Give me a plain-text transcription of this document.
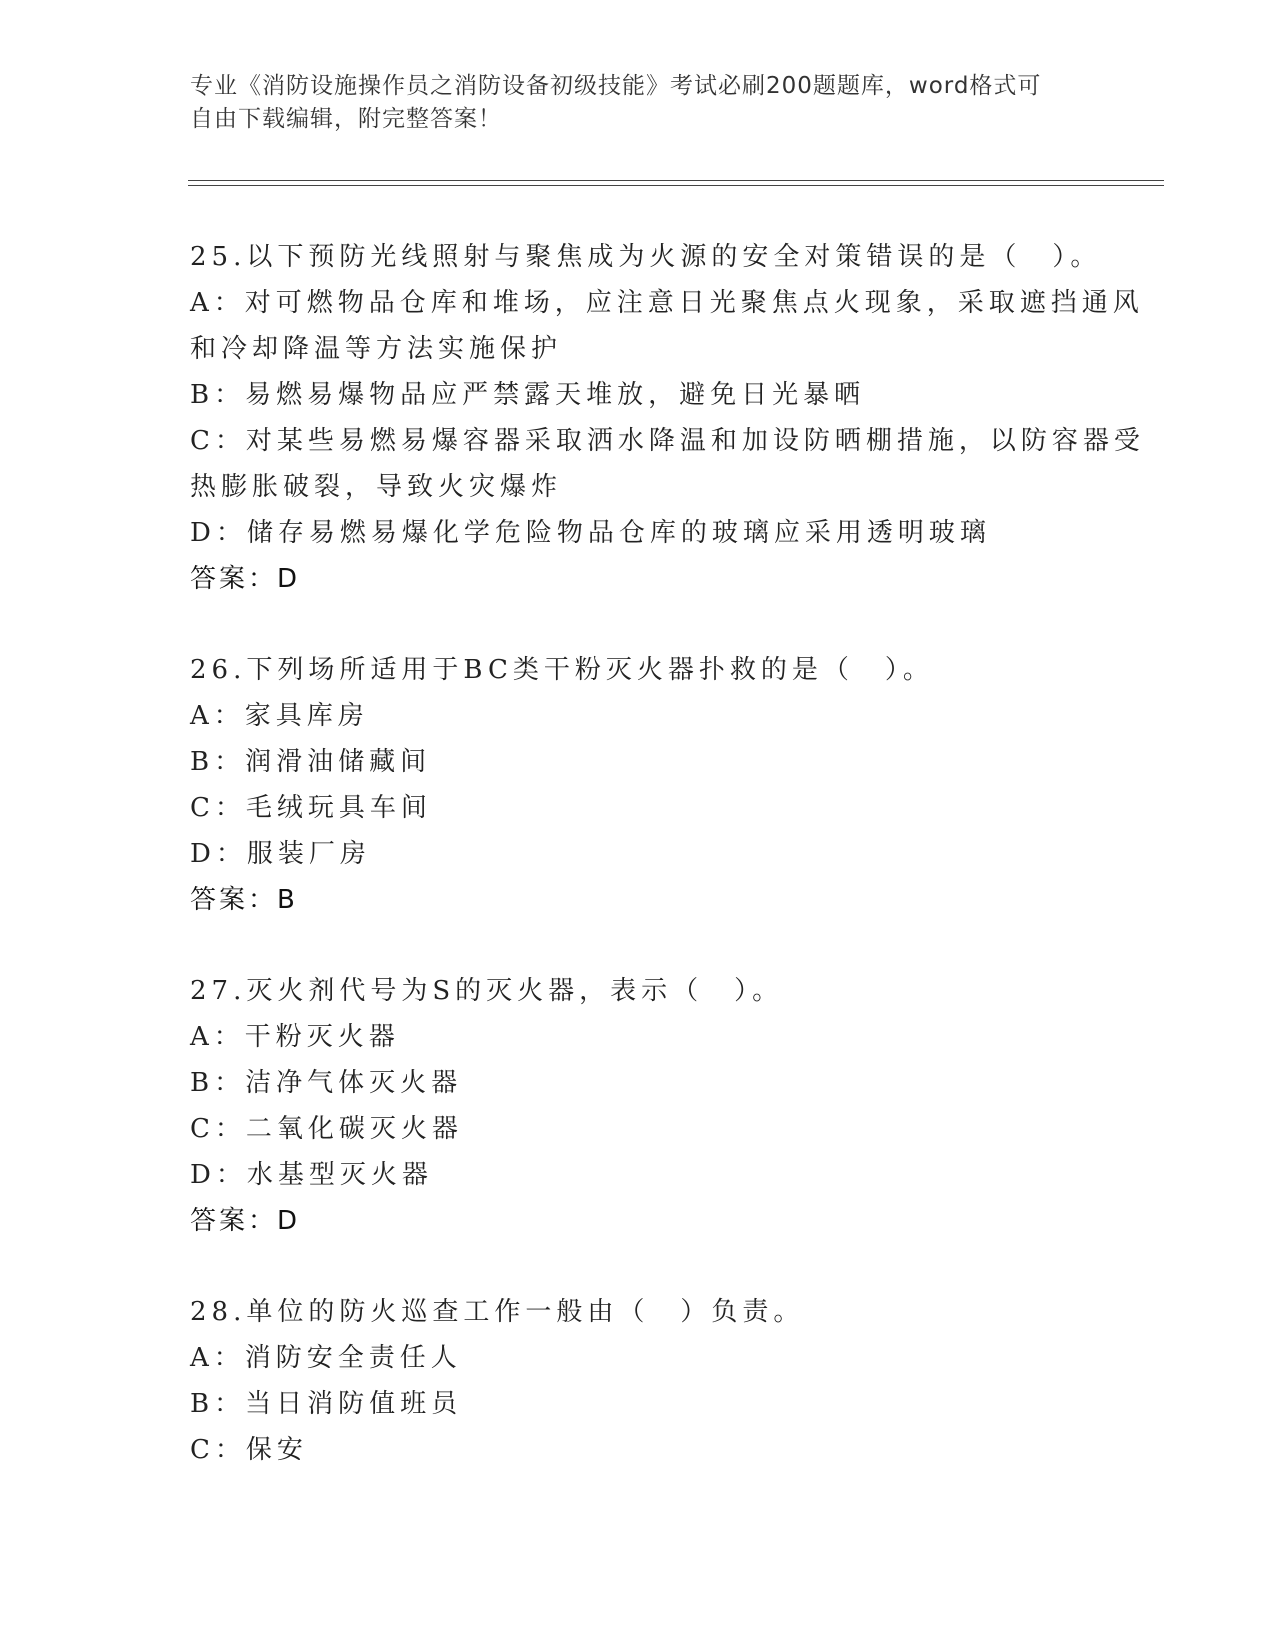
专业《消防设施操作员之消防设备初级技能》考试必刷200题题库，word格式可

自由下载编辑，附完整答案！

25.以下预防光线照射与聚焦成为火源的安全对策错误的是（　）。

A：对可燃物品仓库和堆场，应注意日光聚焦点火现象，采取遮挡通风

和冷却降温等方法实施保护

B：易燃易爆物品应严禁露天堆放，避免日光暴晒

C：对某些易燃易爆容器采取洒水降温和加设防晒棚措施，以防容器受

热膨胀破裂，导致火灾爆炸

D：储存易燃易爆化学危险物品仓库的玻璃应采用透明玻璃

答案：D

26.下列场所适用于BC类干粉灭火器扑救的是（　）。

A：家具库房

B：润滑油储藏间

C：毛绒玩具车间

D：服装厂房

答案：B

27.灭火剂代号为S的灭火器，表示（　）。

A：干粉灭火器

B：洁净气体灭火器

C：二氧化碳灭火器

D：水基型灭火器

答案：D

28.单位的防火巡查工作一般由（　）负责。

A：消防安全责任人

B：当日消防值班员

C：保安
